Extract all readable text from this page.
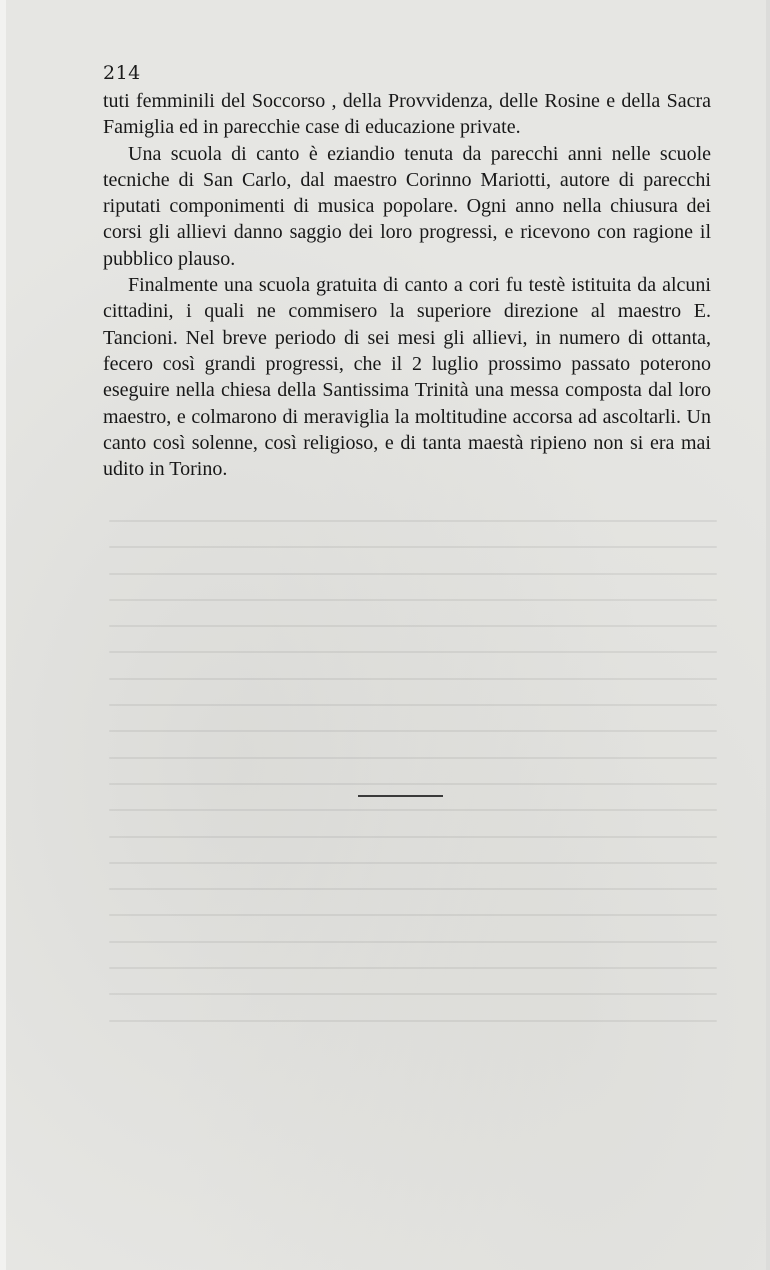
214

tuti femminili del Soccorso , della Provvidenza, delle Rosine e della Sacra Famiglia ed in parecchie case di educazione private.

Una scuola di canto è eziandio tenuta da parecchi anni nelle scuole tecniche di San Carlo, dal maestro Corinno Mariotti, autore di parecchi riputati componimenti di musica popolare. Ogni anno nella chiusura dei corsi gli allievi danno saggio dei loro progressi, e ricevono con ragione il pubblico plauso.

Finalmente una scuola gratuita di canto a cori fu testè istituita da alcuni cittadini, i quali ne commisero la superiore direzione al maestro E. Tancioni. Nel breve periodo di sei mesi gli allievi, in numero di ottanta, fecero così grandi progressi, che il 2 luglio prossimo passato poterono eseguire nella chiesa della Santissima Trinità una messa composta dal loro maestro, e colmarono di meraviglia la moltitudine accorsa ad ascoltarli. Un canto così solenne, così religioso, e di tanta maestà ripieno non si era mai udito in Torino.
